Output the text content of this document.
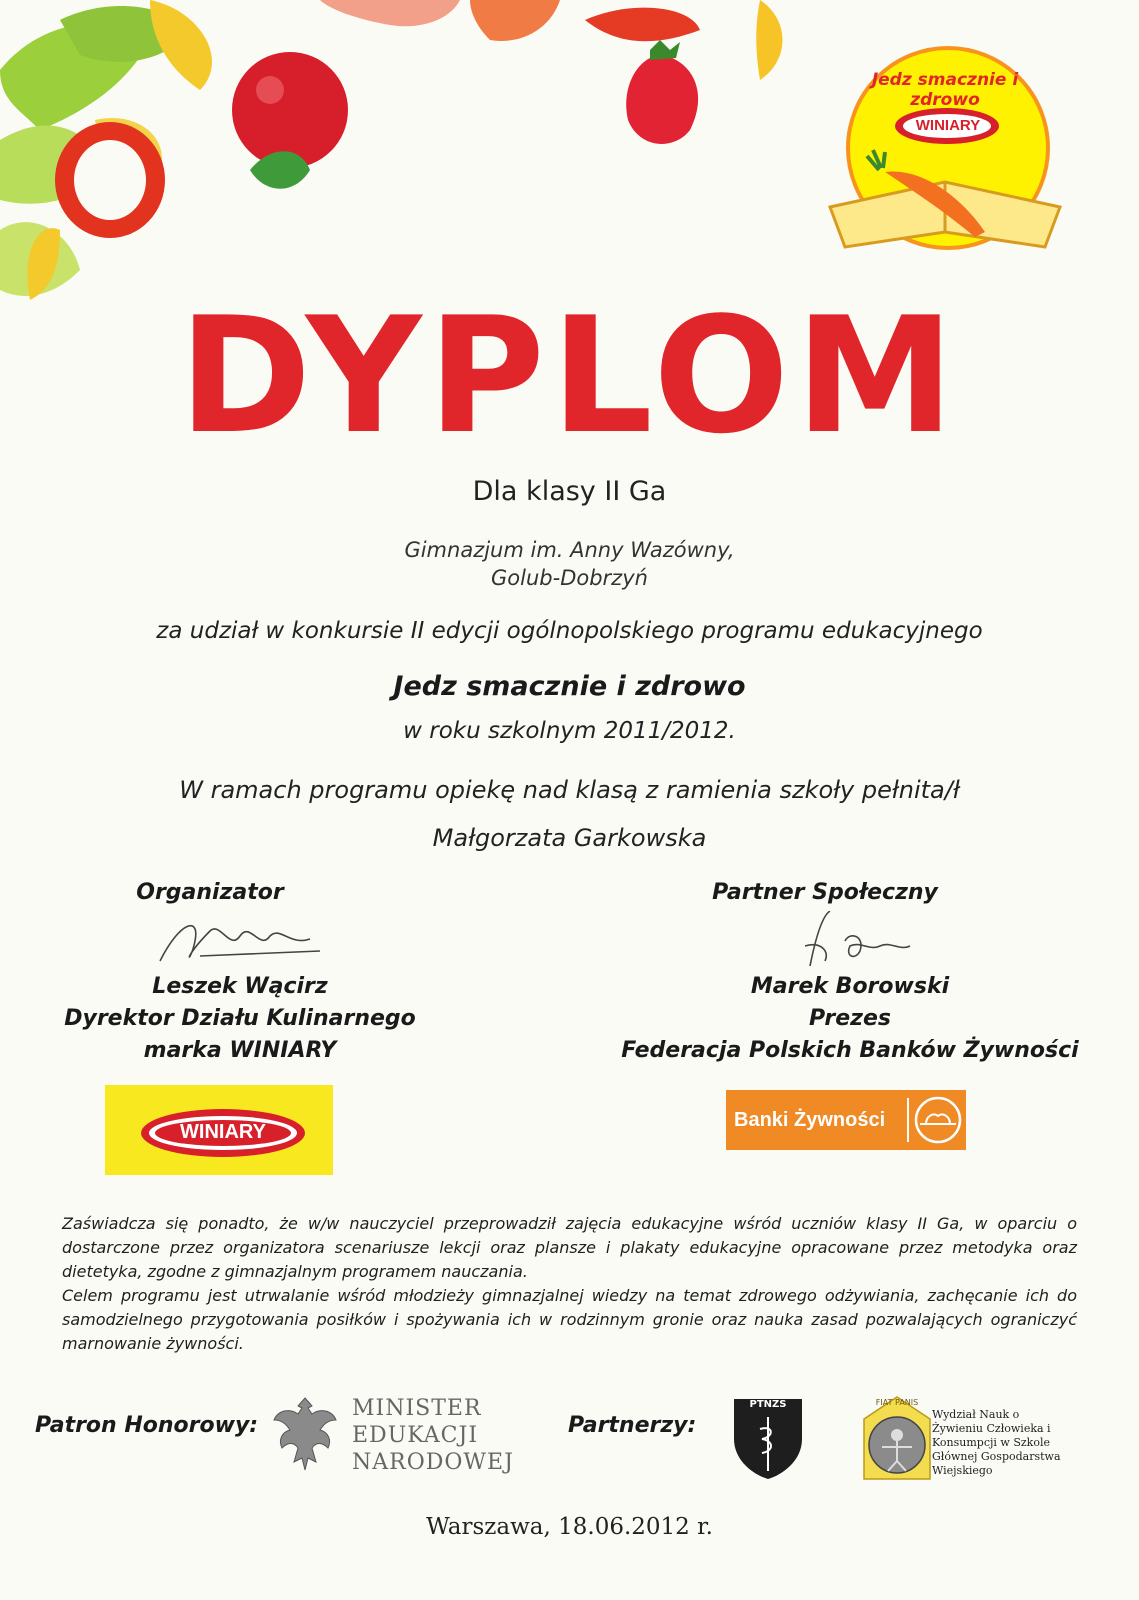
Jedz smacznie i zdrowo
WINIARY
DYPLOM
Dla klasy II Ga
Gimnazjum im. Anny Wazówny,
Golub-Dobrzyń
za udział w konkursie II edycji ogólnopolskiego programu edukacyjnego
Jedz smacznie i zdrowo
w roku szkolnym 2011/2012.
W ramach programu opiekę nad klasą z ramienia szkoły pełnita/ł
Małgorzata Garkowska
Organizator
Leszek Wącirz
Dyrektor Działu Kulinarnego
marka WINIARY
Partner Społeczny
Marek Borowski
Prezes
Federacja Polskich Banków Żywności
WINIARY
Banki Żywności

Zaświadcza się ponadto, że w/w nauczyciel przeprowadził zajęcia edukacyjne wśród uczniów klasy II Ga, w oparciu o dostarczone przez organizatora scenariusze lekcji oraz plansze i plakaty edukacyjne opracowane przez metodyka oraz dietetyka, zgodne z gimnazjalnym programem nauczania.

Celem programu jest utrwalanie wśród młodzieży gimnazjalnej wiedzy na temat zdrowego odżywiania, zachęcanie ich do samodzielnego przygotowania posiłków i spożywania ich w rodzinnym gronie oraz nauka zasad pozwalających ograniczyć marnowanie żywności.

Patron Honorowy:
MINISTER
EDUKACJI
NARODOWEJ
Partnerzy:
PTNZS	FIAT PANIS
Wydział Nauk o Żywieniu Człowieka i Konsumpcji w Szkole Głównej Gospodarstwa Wiejskiego
Warszawa, 18.06.2012 r.
